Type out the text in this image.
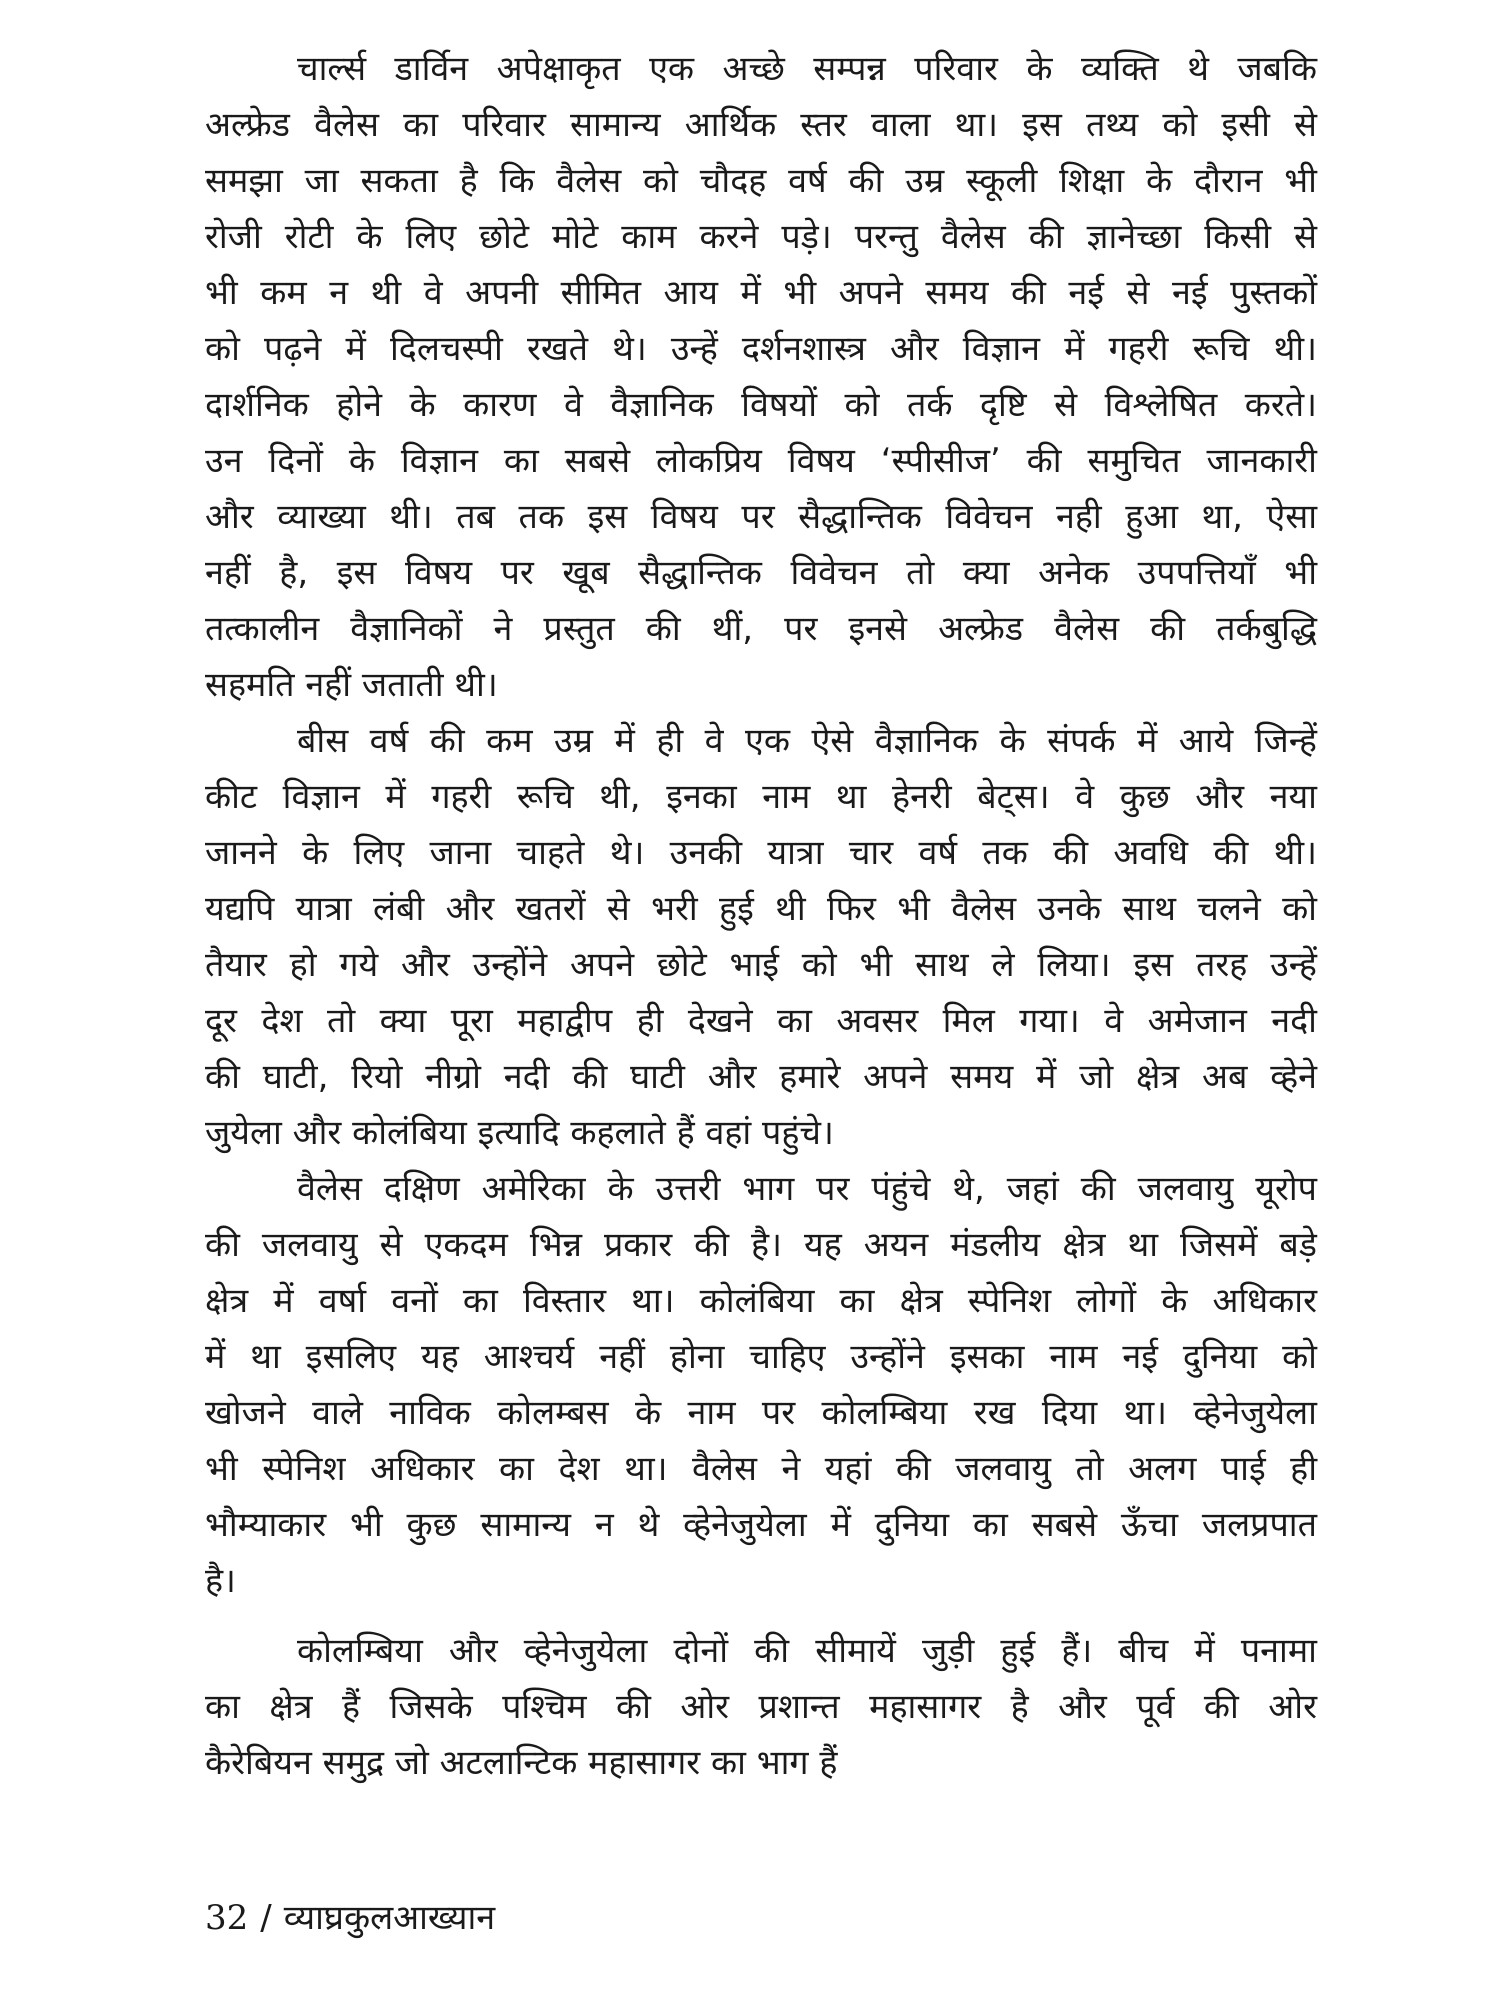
चार्ल्स डार्विन अपेक्षाकृत एक अच्छे सम्पन्न परिवार के व्यक्ति थे जबकि
अल्फ्रेड वैलेस का परिवार सामान्य आर्थिक स्तर वाला था। इस तथ्य को इसी से
समझा जा सकता है कि वैलेस को चौदह वर्ष की उम्र स्कूली शिक्षा के दौरान भी
रोजी रोटी के लिए छोटे मोटे काम करने पड़े। परन्तु वैलेस की ज्ञानेच्छा किसी से
भी कम न थी वे अपनी सीमित आय में भी अपने समय की नई से नई पुस्तकों
को पढ़ने में दिलचस्पी रखते थे। उन्हें दर्शनशास्त्र और विज्ञान में गहरी रूचि थी।
दार्शनिक होने के कारण वे वैज्ञानिक विषयों को तर्क दृष्टि से विश्लेषित करते।
उन दिनों के विज्ञान का सबसे लोकप्रिय विषय ‘स्पीसीज’ की समुचित जानकारी
और व्याख्या थी। तब तक इस विषय पर सैद्धान्तिक विवेचन नही हुआ था, ऐसा
नहीं है, इस विषय पर खूब सैद्धान्तिक विवेचन तो क्या अनेक उपपत्तियाँ भी
तत्कालीन वैज्ञानिकों ने प्रस्तुत की थीं, पर इनसे अल्फ्रेड वैलेस की तर्कबुद्धि
सहमति नहीं जताती थी।
बीस वर्ष की कम उम्र में ही वे एक ऐसे वैज्ञानिक के संपर्क में आये जिन्हें
कीट विज्ञान में गहरी रूचि थी, इनका नाम था हेनरी बेट्स। वे कुछ और नया
जानने के लिए जाना चाहते थे। उनकी यात्रा चार वर्ष तक की अवधि की थी।
यद्यपि यात्रा लंबी और खतरों से भरी हुई थी फिर भी वैलेस उनके साथ चलने को
तैयार हो गये और उन्होंने अपने छोटे भाई को भी साथ ले लिया। इस तरह उन्हें
दूर देश तो क्या पूरा महाद्वीप ही देखने का अवसर मिल गया। वे अमेजान नदी
की घाटी, रियो नीग्रो नदी की घाटी और हमारे अपने समय में जो क्षेत्र अब व्हेने
जुयेला और कोलंबिया इत्यादि कहलाते हैं वहां पहुंचे।
वैलेस दक्षिण अमेरिका के उत्तरी भाग पर पंहुंचे थे, जहां की जलवायु यूरोप
की जलवायु से एकदम भिन्न प्रकार की है। यह अयन मंडलीय क्षेत्र था जिसमें बड़े
क्षेत्र में वर्षा वनों का विस्तार था। कोलंबिया का क्षेत्र स्पेनिश लोगों के अधिकार
में था इसलिए यह आश्चर्य नहीं होना चाहिए उन्होंने इसका नाम नई दुनिया को
खोजने वाले नाविक कोलम्बस के नाम पर कोलम्बिया रख दिया था। व्हेनेजुयेला
भी स्पेनिश अधिकार का देश था। वैलेस ने यहां की जलवायु तो अलग पाई ही
भौम्याकार भी कुछ सामान्य न थे व्हेनेजुयेला में दुनिया का सबसे ऊँचा जलप्रपात
है।
कोलम्बिया और व्हेनेजुयेला दोनों की सीमायें जुड़ी हुई हैं। बीच में पनामा
का क्षेत्र हैं जिसके पश्चिम की ओर प्रशान्त महासागर है और पूर्व की ओर
कैरेबियन समुद्र जो अटलान्टिक महासागर का भाग हैं
32 / व्याघ्रकुलआख्यान
